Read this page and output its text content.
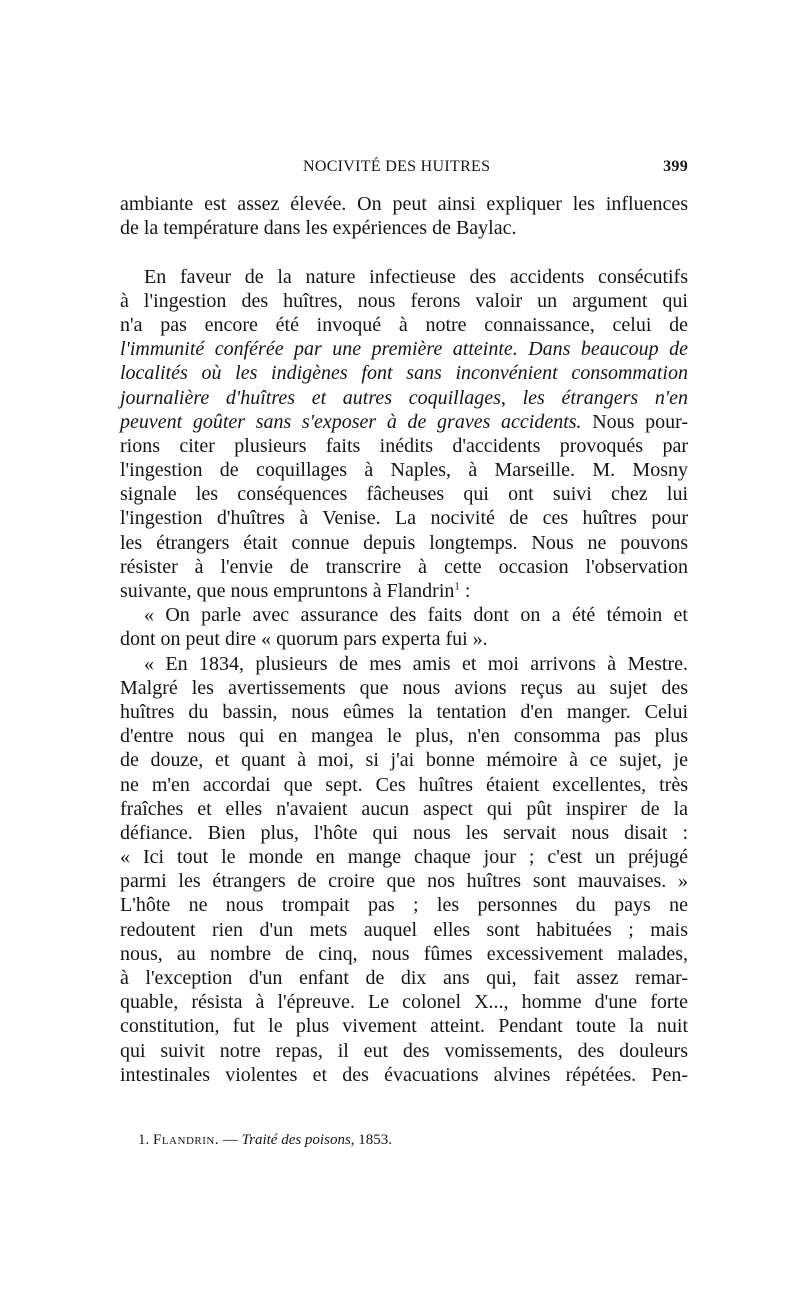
NOCIVITÉ DES HUITRES	399
ambiante est assez élevée. On peut ainsi expliquer les influences
de la température dans les expériences de Baylac.
En faveur de la nature infectieuse des accidents consécutifs
à l'ingestion des huîtres, nous ferons valoir un argument qui
n'a pas encore été invoqué à notre connaissance, celui de
l'immunité conférée par une première atteinte. Dans beaucoup de
localités où les indigènes font sans inconvénient consommation
journalière d'huîtres et autres coquillages, les étrangers n'en
peuvent goûter sans s'exposer à de graves accidents. Nous pour-
rions citer plusieurs faits inédits d'accidents provoqués par
l'ingestion de coquillages à Naples, à Marseille. M. Mosny
signale les conséquences fâcheuses qui ont suivi chez lui
l'ingestion d'huîtres à Venise. La nocivité de ces huîtres pour
les étrangers était connue depuis longtemps. Nous ne pouvons
résister à l'envie de transcrire à cette occasion l'observation
suivante, que nous empruntons à Flandrin$^1$ :
« On parle avec assurance des faits dont on a été témoin et
dont on peut dire « quorum pars experta fui ».
« En 1834, plusieurs de mes amis et moi arrivons à Mestre.
Malgré les avertissements que nous avions reçus au sujet des
huîtres du bassin, nous eûmes la tentation d'en manger. Celui
d'entre nous qui en mangea le plus, n'en consomma pas plus
de douze, et quant à moi, si j'ai bonne mémoire à ce sujet, je
ne m'en accordai que sept. Ces huîtres étaient excellentes, très
fraîches et elles n'avaient aucun aspect qui pût inspirer de la
défiance. Bien plus, l'hôte qui nous les servait nous disait :
« Ici tout le monde en mange chaque jour ; c'est un préjugé
parmi les étrangers de croire que nos huîtres sont mauvaises. »
L'hôte ne nous trompait pas ; les personnes du pays ne
redoutent rien d'un mets auquel elles sont habituées ; mais
nous, au nombre de cinq, nous fûmes excessivement malades,
à l'exception d'un enfant de dix ans qui, fait assez remar-
quable, résista à l'épreuve. Le colonel X..., homme d'une forte
constitution, fut le plus vivement atteint. Pendant toute la nuit
qui suivit notre repas, il eut des vomissements, des douleurs
intestinales violentes et des évacuations alvines répétées. Pen-
1. Flandrin. — Traité des poisons, 1853.
